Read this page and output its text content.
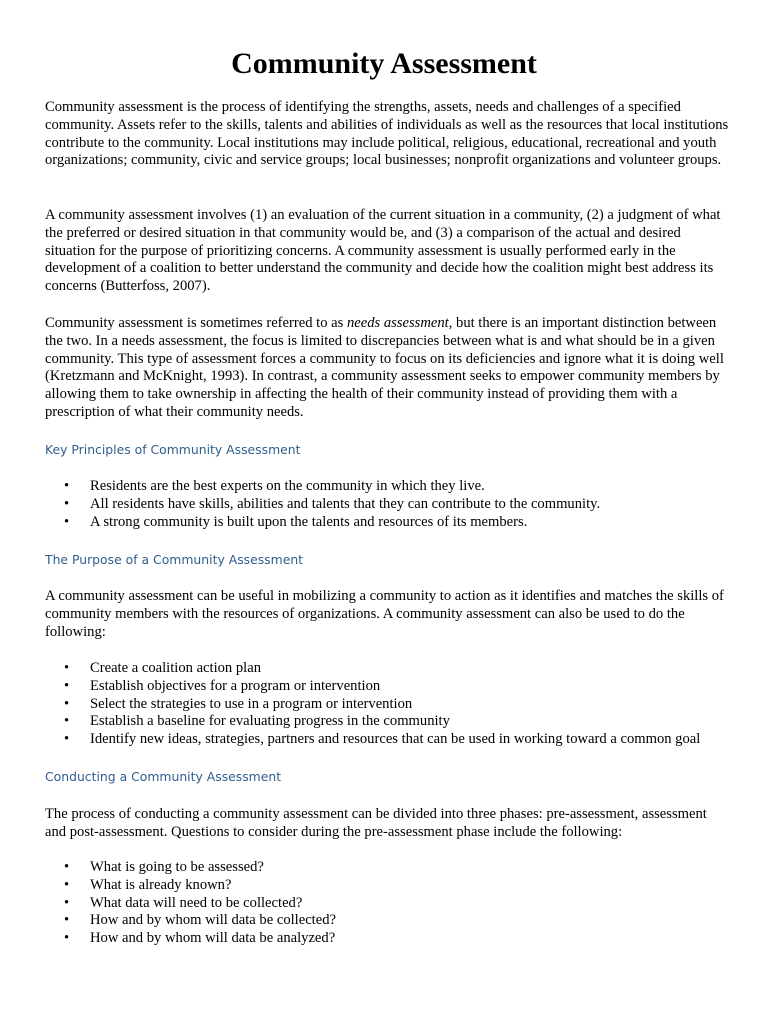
Community Assessment

Community assessment is the process of identifying the strengths, assets, needs and challenges of a specified community. Assets refer to the skills, talents and abilities of individuals as well as the resources that local institutions contribute to the community. Local institutions may include political, religious, educational, recreational and youth organizations; community, civic and service groups; local businesses; nonprofit organizations and volunteer groups.

A community assessment involves (1) an evaluation of the current situation in a community, (2) a judgment of what the preferred or desired situation in that community would be, and (3) a comparison of the actual and desired situation for the purpose of prioritizing concerns. A community assessment is usually performed early in the development of a coalition to better understand the community and decide how the coalition might best address its concerns (Butterfoss, 2007).

Community assessment is sometimes referred to as needs assessment, but there is an important distinction between the two. In a needs assessment, the focus is limited to discrepancies between what is and what should be in a given community. This type of assessment forces a community to focus on its deficiencies and ignore what it is doing well (Kretzmann and McKnight, 1993). In contrast, a community assessment seeks to empower community members by allowing them to take ownership in affecting the health of their community instead of providing them with a prescription of what their community needs.

Key Principles of Community Assessment
• Residents are the best experts on the community in which they live.
• All residents have skills, abilities and talents that they can contribute to the community.
• A strong community is built upon the talents and resources of its members.
The Purpose of a Community Assessment

A community assessment can be useful in mobilizing a community to action as it identifies and matches the skills of community members with the resources of organizations. A community assessment can also be used to do the following:

• Create a coalition action plan
• Establish objectives for a program or intervention
• Select the strategies to use in a program or intervention
• Establish a baseline for evaluating progress in the community
• Identify new ideas, strategies, partners and resources that can be used in working toward a common goal
Conducting a Community Assessment

The process of conducting a community assessment can be divided into three phases: pre-assessment, assessment and post-assessment. Questions to consider during the pre-assessment phase include the following:

• What is going to be assessed?
• What is already known?
• What data will need to be collected?
• How and by whom will data be collected?
• How and by whom will data be analyzed?
